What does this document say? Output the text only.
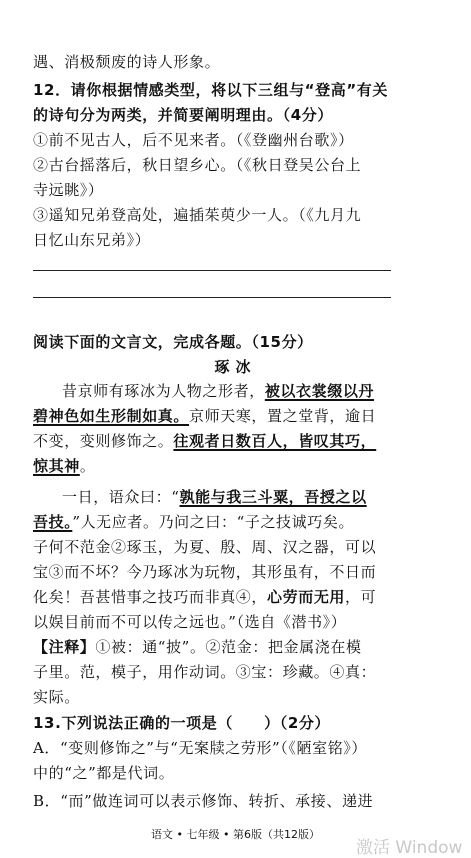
遇、消极颓废的诗人形象。
12．请你根据情感类型，将以下三组与“登高”有关
的诗句分为两类，并简要阐明理由。（4分）
①前不见古人，后不见来者。（《登幽州台歌》）
②古台摇落后，秋日望乡心。（《秋日登吴公台上
寺远眺》）
③遥知兄弟登高处，遍插茱萸少一人。（《九月九
日忆山东兄弟》）
阅读下面的文言文，完成各题。（15分）
琢冰
昔京师有琢冰为人物之形者，被以衣裳缀以丹
碧神色如生形制如真。京师天寒，置之堂背，逾日
不变，变则修饰之。往观者日数百人，皆叹其巧，
惊其神。
一日，语众曰：“孰能与我三斗粟，吾授之以
吾技。”人无应者。乃问之曰：“子之技诚巧矣。
子何不范金②琢玉，为夏、殷、周、汉之器，可以
宝③而不坏？今乃琢冰为玩物，其形虽有，不日而
化矣！吾甚惜事之技巧而非真④，心劳而无用，可
以娱目前而不可以传之远也。”（选自《潜书》）
【注释】①被：通“披”。②范金：把金属浇在模
子里。范，模子，用作动词。③宝：珍藏。④真：
实际。
13.下列说法正确的一项是（　　）（2分）
A．“变则修饰之”与“无案牍之劳形”（《陋室铭》）
中的“之”都是代词。
B．“而”做连词可以表示修饰、转折、承接、递进
语文 • 七年级 • 第6版（共12版）
激活 Window
